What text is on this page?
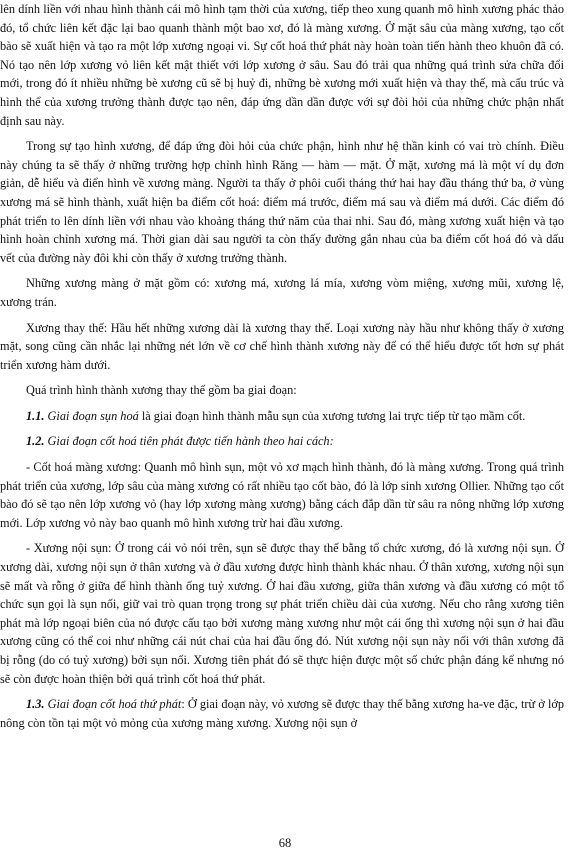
lên dính liền với nhau hình thành cái mô hình tạm thời của xương, tiếp theo xung quanh mô hình xương phác thảo đó, tổ chức liên kết đặc lại bao quanh thành một bao xơ, đó là màng xương. Ở mặt sâu của màng xương, tạo cốt bào sẽ xuất hiện và tạo ra một lớp xương ngoại vi. Sự cốt hoá thứ phát này hoàn toàn tiến hành theo khuôn đã có. Nó tạo nên lớp xương vỏ liên kết mật thiết với lớp xương ở sâu. Sau đó trải qua những quá trình sửa chữa đổi mới, trong đó ít nhiều những bè xương cũ sẽ bị huỷ đi, những bè xương mới xuất hiện và thay thế, mà cấu trúc và hình thể của xương trưởng thành được tạo nên, đáp ứng dần dần được với sự đòi hỏi của những chức phận nhất định sau này.

Trong sự tạo hình xương, để đáp ứng đòi hỏi của chức phận, hình như hệ thần kinh có vai trò chính. Điều này chúng ta sẽ thấy ở những trường hợp chỉnh hình Răng — hàm — mặt. Ở mặt, xương má là một ví dụ đơn giản, dễ hiểu và điển hình về xương màng. Người ta thấy ở phôi cuối tháng thứ hai hay đầu tháng thứ ba, ở vùng xương má sẽ hình thành, xuất hiện ba điểm cốt hoá: điểm má trước, điểm má sau và điểm má dưới. Các điểm đó phát triển to lên dính liền với nhau vào khoảng tháng thứ năm của thai nhi. Sau đó, màng xương xuất hiện và tạo hình hoàn chỉnh xương má. Thời gian dài sau người ta còn thấy đường gắn nhau của ba điểm cốt hoá đó và dấu vết của đường này đôi khi còn thấy ở xương trưởng thành.

Những xương màng ở mặt gồm có: xương má, xương lá mía, xương vòm miệng, xương mũi, xương lệ, xương trán.

Xương thay thế: Hầu hết những xương dài là xương thay thế. Loại xương này hầu như không thấy ở xương mặt, song cũng cần nhắc lại những nét lớn về cơ chế hình thành xương này để có thể hiểu được tốt hơn sự phát triển xương hàm dưới.

Quá trình hình thành xương thay thế gồm ba giai đoạn:

1.1. Giai đoạn sụn hoá là giai đoạn hình thành mẫu sụn của xương tương lai trực tiếp từ tạo mầm cốt.

1.2. Giai đoạn cốt hoá tiên phát được tiến hành theo hai cách:

- Cốt hoá màng xương: Quanh mô hình sụn, một vỏ xơ mạch hình thành, đó là màng xương. Trong quá trình phát triển của xương, lớp sâu của màng xương có rất nhiều tạo cốt bào, đó là lớp sinh xương Ollier. Những tạo cốt bào đó sẽ tạo nên lớp xương vỏ (hay lớp xương màng xương) bằng cách đắp dần từ sâu ra nông những lớp xương mới. Lớp xương vỏ này bao quanh mô hình xương trừ hai đầu xương.

- Xương nội sụn: Ở trong cái vỏ nói trên, sụn sẽ được thay thế bằng tổ chức xương, đó là xương nội sụn. Ở xương dài, xương nội sụn ở thân xương và ở đầu xương được hình thành khác nhau. Ở thân xương, xương nội sụn sẽ mất và rỗng ở giữa để hình thành ống tuỷ xương. Ở hai đầu xương, giữa thân xương và đầu xương có một tổ chức sụn gọi là sụn nối, giữ vai trò quan trọng trong sự phát triển chiều dài của xương. Nếu cho rằng xương tiên phát mà lớp ngoại biên của nó được cấu tạo bởi xương màng xương như một cái ống thì xương nội sụn ở hai đầu xương cũng có thể coi như những cái nút chai của hai đầu ống đó. Nút xương nội sụn này nối với thân xương đã bị rỗng (do có tuỷ xương) bởi sụn nối. Xương tiên phát đó sẽ thực hiện được một số chức phận đáng kể nhưng nó sẽ còn được hoàn thiện bởi quá trình cốt hoá thứ phát.

1.3. Giai đoạn cốt hoá thứ phát: Ở giai đoạn này, vỏ xương sẽ được thay thế bằng xương ha-ve đặc, trừ ở lớp nông còn tồn tại một vỏ mỏng của xương màng xương. Xương nội sụn ở

68
